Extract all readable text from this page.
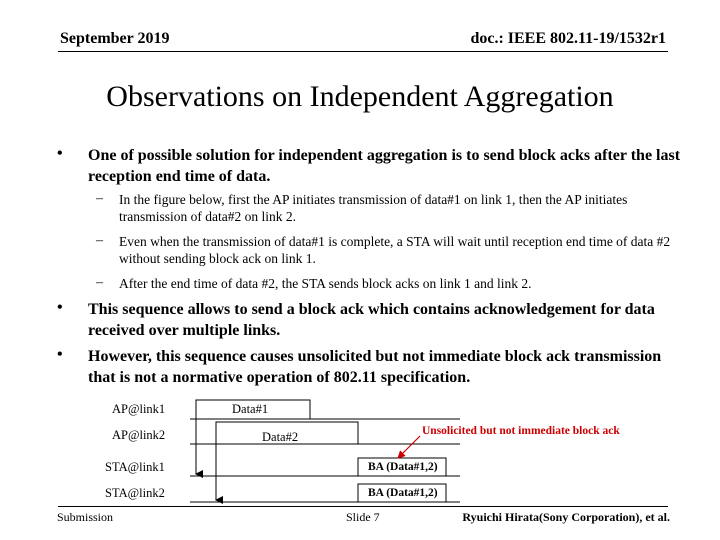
September 2019	doc.: IEEE 802.11-19/1532r1
Observations on Independent Aggregation
• One of possible solution for independent aggregation is to send block acks after the last reception end time of data.
– In the figure below, first the AP initiates transmission of data#1 on link 1, then the AP initiates transmission of data#2 on link 2.
– Even when the transmission of data#1 is complete, a STA will wait until reception end time of data #2 without sending block ack on link 1.
– After the end time of data #2, the STA sends block acks on link 1 and link 2.
• This sequence allows to send a block ack which contains acknowledgement for data received over multiple links.
• However, this sequence causes unsolicited but not immediate block ack transmission that is not a normative operation of 802.11 specification.
AP@link1
AP@link2
STA@link1
STA@link2
Data#1
Data#2
BA (Data#1,2)
BA (Data#1,2)
Unsolicited but not immediate block ack
Submission	Slide 7	Ryuichi Hirata(Sony Corporation), et al.
